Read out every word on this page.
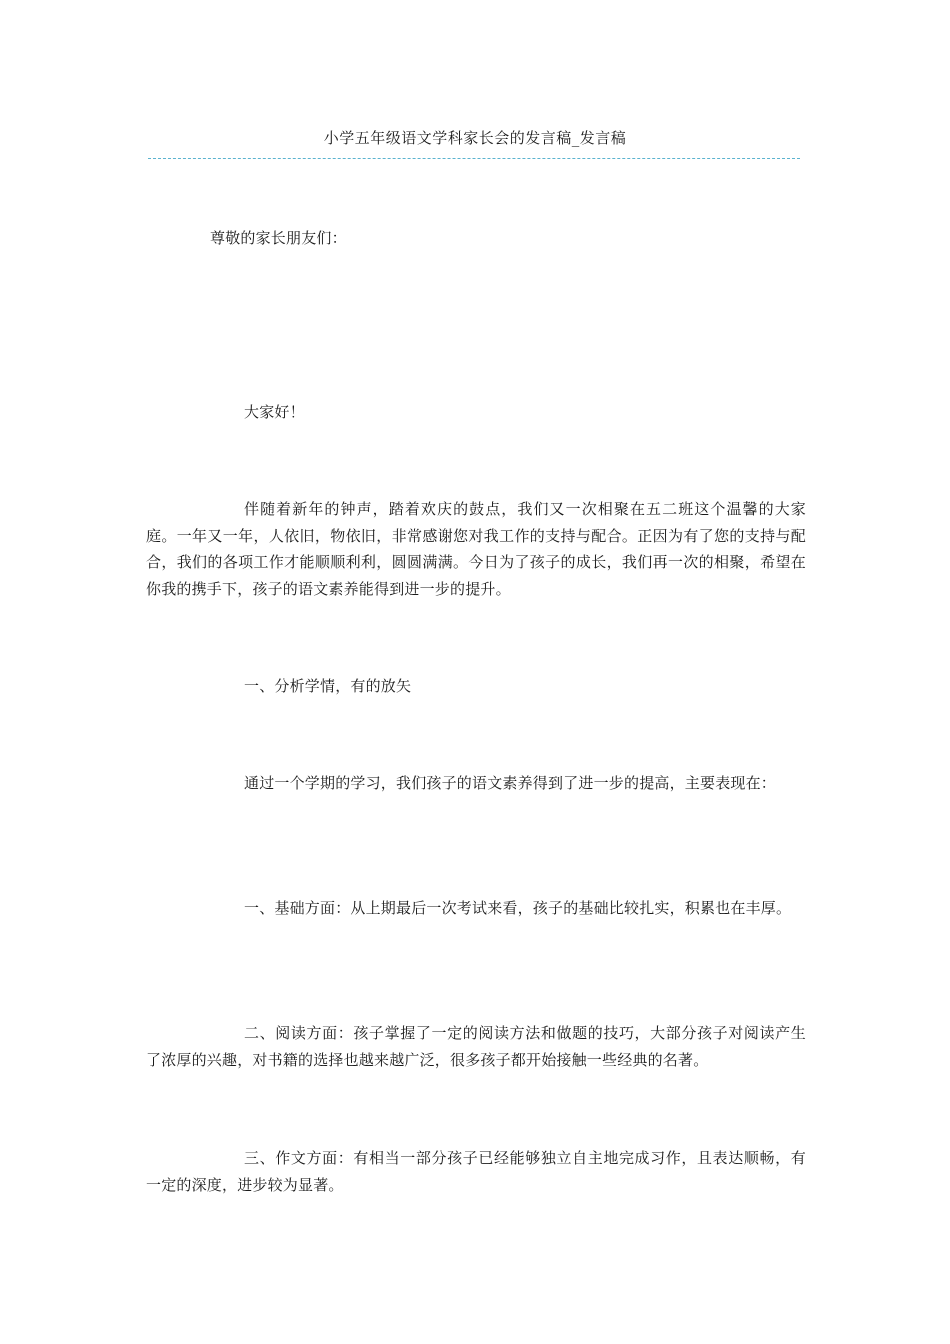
小学五年级语文学科家长会的发言稿_发言稿

尊敬的家长朋友们：

大家好！

伴随着新年的钟声，踏着欢庆的鼓点，我们又一次相聚在五二班这个温馨的大家庭。一年又一年，人依旧，物依旧，非常感谢您对我工作的支持与配合。正因为有了您的支持与配合，我们的各项工作才能顺顺利利，圆圆满满。今日为了孩子的成长，我们再一次的相聚，希望在你我的携手下，孩子的语文素养能得到进一步的提升。

一、分析学情，有的放矢

通过一个学期的学习，我们孩子的语文素养得到了进一步的提高，主要表现在：

一、基础方面：从上期最后一次考试来看，孩子的基础比较扎实，积累也在丰厚。

二、阅读方面：孩子掌握了一定的阅读方法和做题的技巧，大部分孩子对阅读产生了浓厚的兴趣，对书籍的选择也越来越广泛，很多孩子都开始接触一些经典的名著。

三、作文方面：有相当一部分孩子已经能够独立自主地完成习作，且表达顺畅，有一定的深度，进步较为显著。
